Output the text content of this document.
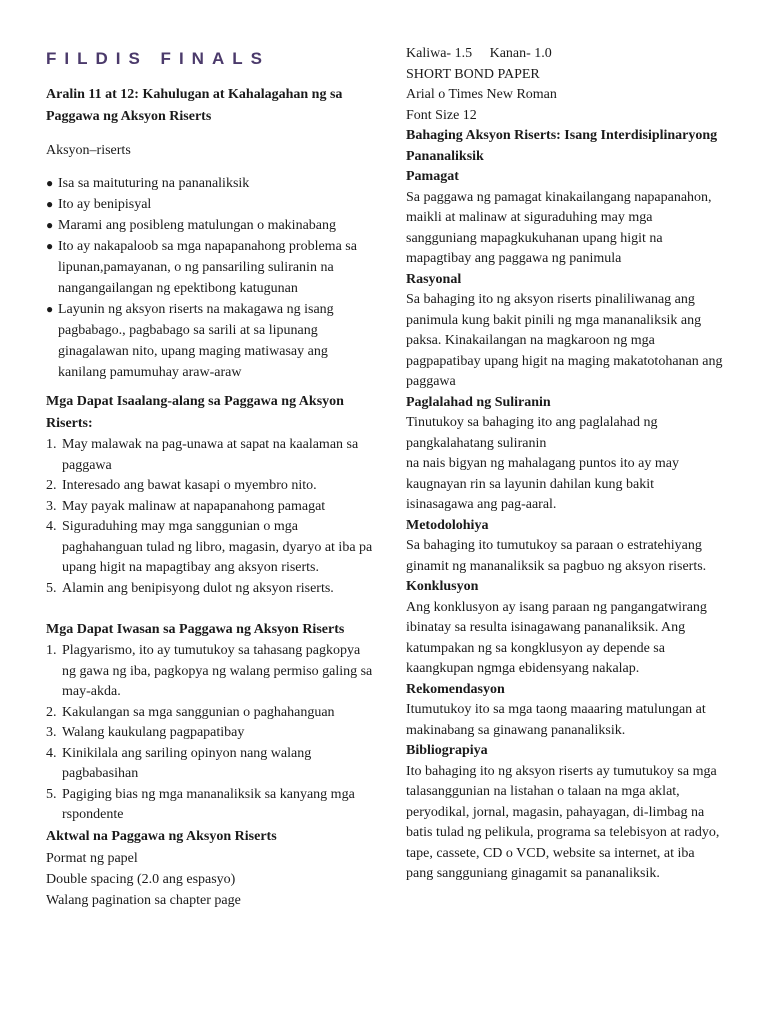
FILDIS FINALS

Aralin 11 at 12: Kahulugan at Kahalagahan ng sa Paggawa ng Aksyon Riserts

Aksyon–riserts

● Isa sa maituturing na pananaliksik
● Ito ay benipisyal
● Marami ang posibleng matulungan o makinabang
● Ito ay nakapaloob sa mga napapanahong problema sa lipunan,pamayanan, o ng pansariling suliranin na nangangailangan ng epektibong katugunan
● Layunin ng aksyon riserts na makagawa ng isang pagbabago., pagbabago sa sarili at sa lipunang ginagalawan nito, upang maging matiwasay ang kanilang pamumuhay araw-araw

Mga Dapat Isaalang-alang sa Paggawa ng Aksyon Riserts:

1. May malawak na pag-unawa at sapat na kaalaman sa paggawa
2. Interesado ang bawat kasapi o myembro nito.
3. May payak malinaw at napapanahong pamagat
4. Siguraduhing may mga sanggunian o mga paghahanguan tulad ng libro, magasin, dyaryo at iba pa upang higit na mapagtibay ang aksyon riserts.
5. Alamin ang benipisyong dulot ng aksyon riserts.

Mga Dapat Iwasan sa Paggawa ng Aksyon Riserts

1. Plagyarismo, ito ay tumutukoy sa tahasang pagkopya ng gawa ng iba, pagkopya ng walang permiso galing sa may-akda.
2. Kakulangan sa mga sanggunian o paghahanguan
3. Walang kaukulang pagpapatibay
4. Kinikilala ang sariling opinyon nang walang pagbabasihan
5. Pagiging bias ng mga mananaliksik sa kanyang mga rspondente

Aktwal na Paggawa ng Aksyon Riserts

Pormat ng papel

Double spacing (2.0 ang espasyo)

Walang pagination sa chapter page

Kaliwa- 1.5     Kanan- 1.0

SHORT BOND PAPER

Arial o Times New Roman

Font Size 12

Bahaging Aksyon Riserts: Isang Interdisiplinaryong Pananaliksik

Pamagat

Sa paggawa ng pamagat kinakailangang napapanahon, maikli at malinaw at siguraduhing may mga sangguniang mapagkukuhanan upang higit na mapagtibay ang paggawa ng panimula

Rasyonal

Sa bahaging ito ng aksyon riserts pinaliliwanag ang panimula kung bakit pinili ng mga mananaliksik ang paksa. Kinakailangan na magkaroon ng mga pagpapatibay upang higit na maging makatotohanan ang paggawa

Paglalahad ng Suliranin

Tinutukoy sa bahaging ito ang paglalahad ng pangkalahatang suliranin
na nais bigyan ng mahalagang puntos ito ay may kaugnayan rin sa layunin dahilan kung bakit isinasagawa ang pag-aaral.

Metodolohiya

Sa bahaging ito tumutukoy sa paraan o estratehiyang ginamit ng mananaliksik sa pagbuo ng aksyon riserts.

Konklusyon

Ang konklusyon ay isang paraan ng pangangatwirang ibinatay sa resulta isinagawang pananaliksik. Ang katumpakan ng sa kongklusyon ay depende sa kaangkupan ngmga ebidensyang nakalap.

Rekomendasyon

Itumutukoy ito sa mga taong maaaring matulungan at makinabang sa ginawang pananaliksik.

Bibliograpiya

Ito bahaging ito ng aksyon riserts ay tumutukoy sa mga talasanggunian na listahan o talaan na mga aklat, peryodikal, jornal, magasin, pahayagan, di-limbag na batis tulad ng pelikula, programa sa telebisyon at radyo, tape, cassete, CD o VCD, website sa internet, at iba pang sangguniang ginagamit sa pananaliksik.
